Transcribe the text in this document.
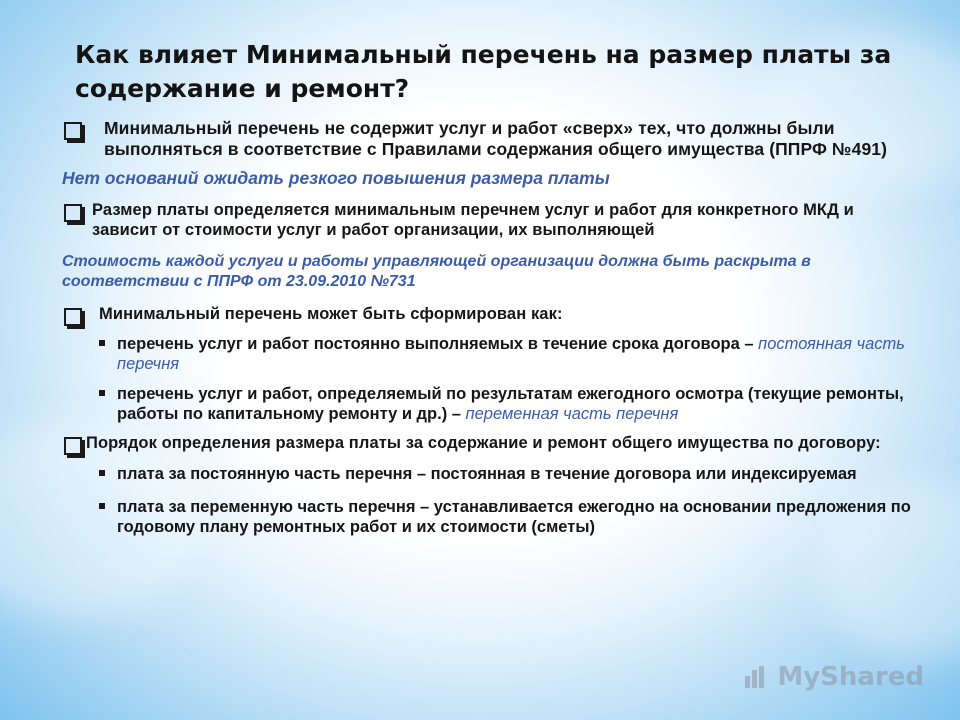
Как влияет Минимальный перечень на размер платы за содержание и ремонт?
Минимальный перечень не содержит услуг и работ «сверх» тех, что должны были выполняться в соответствие с Правилами содержания общего имущества (ППРФ №491)
Нет оснований ожидать резкого повышения размера платы
Размер платы определяется минимальным перечнем услуг и работ для конкретного МКД и зависит от стоимости услуг и работ организации, их выполняющей
Стоимость каждой услуги и работы управляющей организации должна быть раскрыта в соответствии с ППРФ от 23.09.2010 №731
Минимальный перечень может быть сформирован как:
перечень услуг и работ постоянно выполняемых в течение срока договора – постоянная часть перечня
перечень услуг и работ, определяемый по результатам ежегодного осмотра (текущие ремонты, работы по капитальному ремонту и др.) – переменная часть перечня
Порядок определения размера платы за содержание и ремонт общего имущества по договору:
плата за постоянную часть перечня – постоянная в течение договора или индексируемая
плата за переменную часть перечня – устанавливается ежегодно на основании предложения по годовому плану ремонтных работ и их стоимости (сметы)
MyShared
